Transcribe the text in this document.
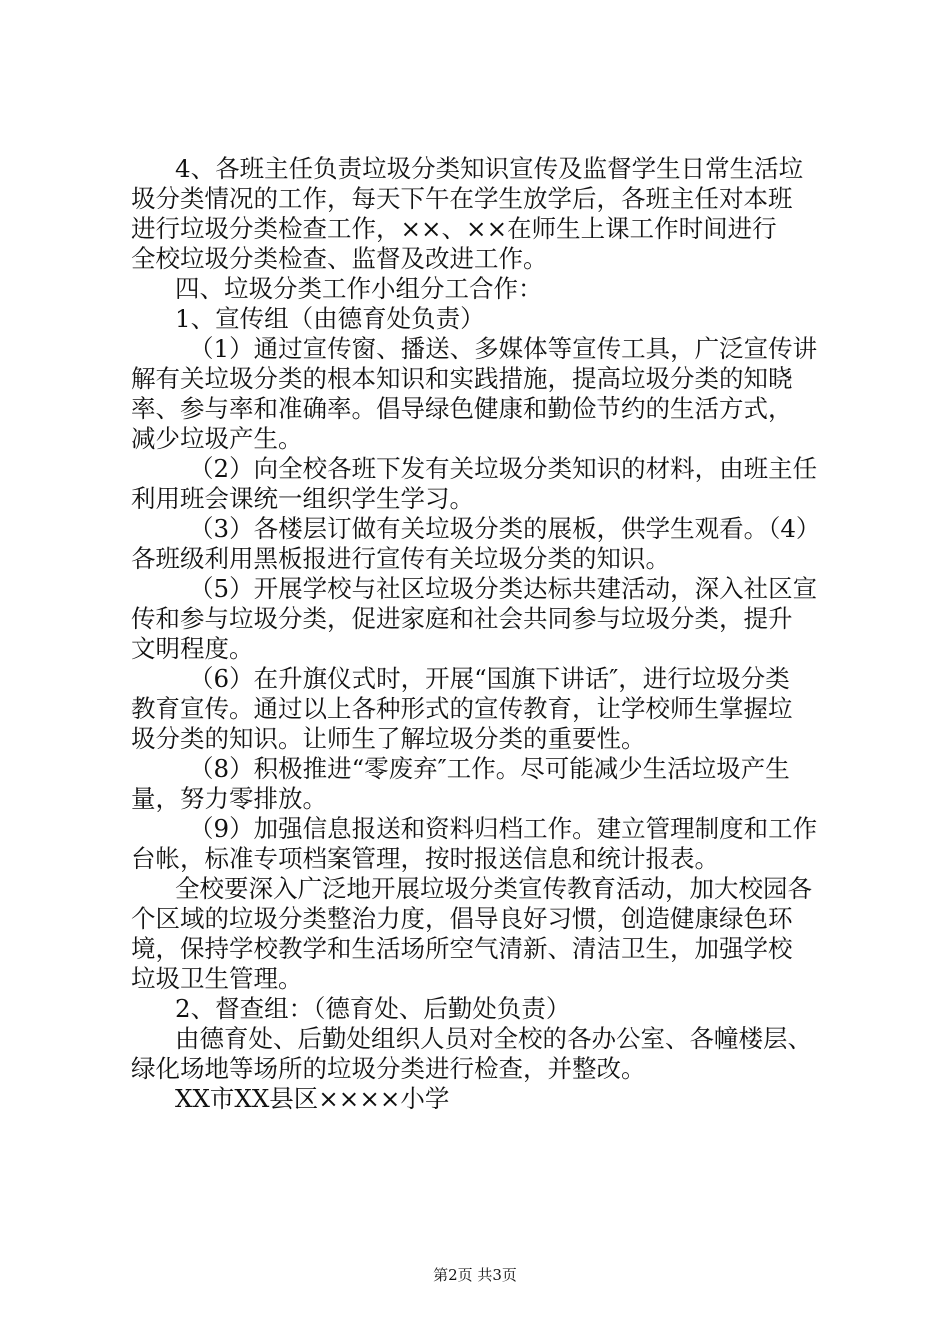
4、各班主任负责垃圾分类知识宣传及监督学生日常生活垃
圾分类情况的工作，每天下午在学生放学后，各班主任对本班
进行垃圾分类检查工作，××、××在师生上课工作时间进行
全校垃圾分类检查、监督及改进工作。
四、垃圾分类工作小组分工合作：
1、宣传组（由德育处负责）
（1）通过宣传窗、播送、多媒体等宣传工具，广泛宣传讲
解有关垃圾分类的根本知识和实践措施，提高垃圾分类的知晓
率、参与率和准确率。倡导绿色健康和勤俭节约的生活方式，
减少垃圾产生。
（2）向全校各班下发有关垃圾分类知识的材料，由班主任
利用班会课统一组织学生学习。
（3）各楼层订做有关垃圾分类的展板，供学生观看。（4）
各班级利用黑板报进行宣传有关垃圾分类的知识。
（5）开展学校与社区垃圾分类达标共建活动，深入社区宣
传和参与垃圾分类，促进家庭和社会共同参与垃圾分类，提升
文明程度。
（6）在升旗仪式时，开展“国旗下讲话″，进行垃圾分类
教育宣传。通过以上各种形式的宣传教育，让学校师生掌握垃
圾分类的知识。让师生了解垃圾分类的重要性。
（8）积极推进“零废弃″工作。尽可能减少生活垃圾产生
量，努力零排放。
（9）加强信息报送和资料归档工作。建立管理制度和工作
台帐，标准专项档案管理，按时报送信息和统计报表。
全校要深入广泛地开展垃圾分类宣传教育活动，加大校园各
个区域的垃圾分类整治力度，倡导良好习惯，创造健康绿色环
境，保持学校教学和生活场所空气清新、清洁卫生，加强学校
垃圾卫生管理。
2、督查组：（德育处、后勤处负责）
由德育处、后勤处组织人员对全校的各办公室、各幢楼层、
绿化场地等场所的垃圾分类进行检查，并整改。
XX市XX县区××××小学
第2页 共3页
